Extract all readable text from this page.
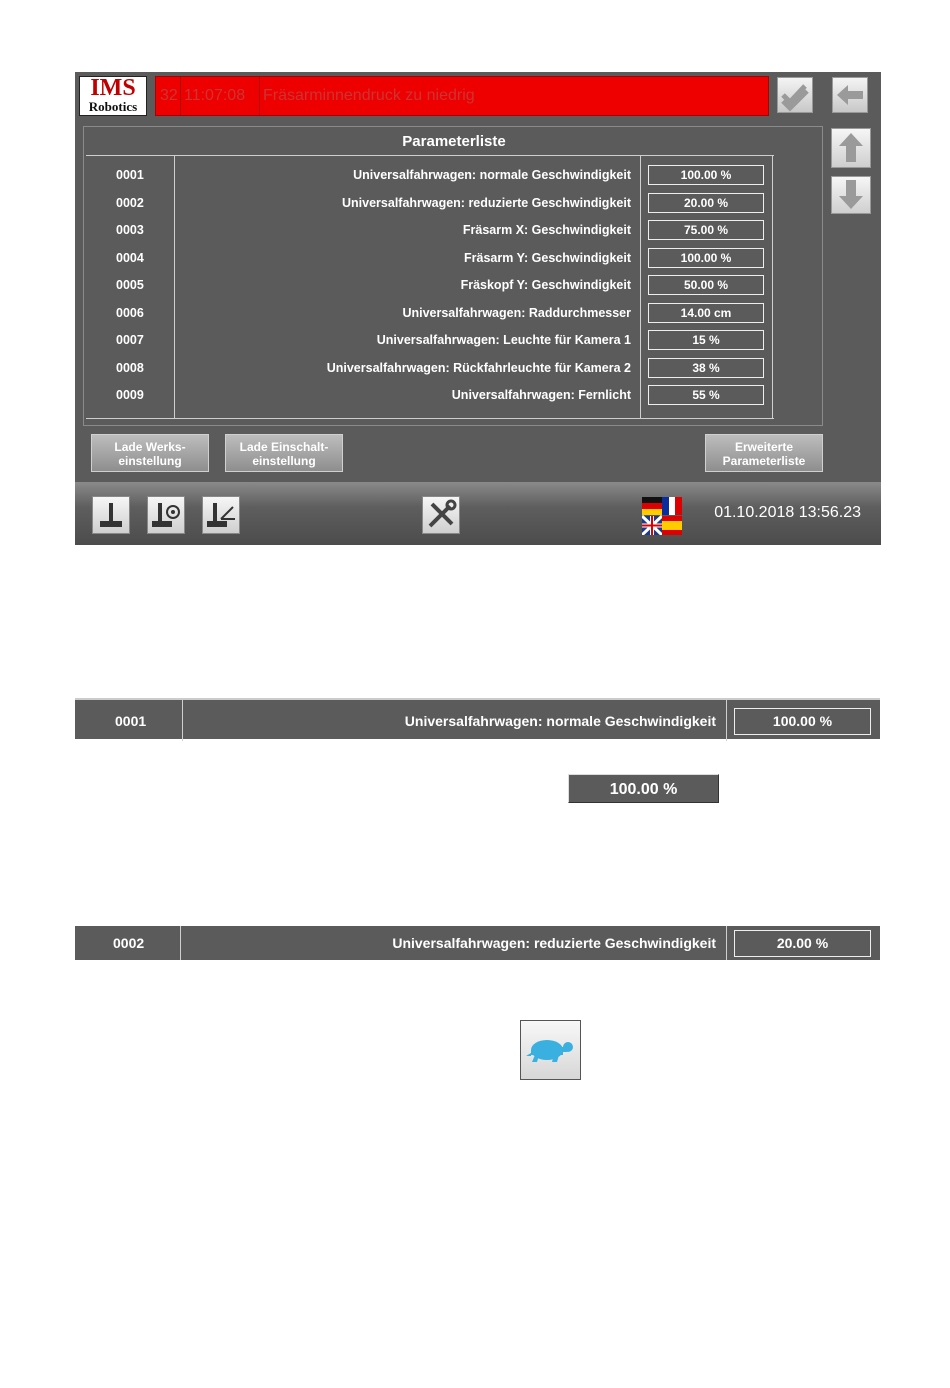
IMS
Robotics
32 11:07:08 Fräsarminnendruck zu niedrig
Parameterliste
0001	Universalfahrwagen: normale Geschwindigkeit	100.00 %
0002	Universalfahrwagen: reduzierte Geschwindigkeit	20.00 %
0003	Fräsarm X: Geschwindigkeit	75.00 %
0004	Fräsarm Y: Geschwindigkeit	100.00 %
0005	Fräskopf Y: Geschwindigkeit	50.00 %
0006	Universalfahrwagen: Raddurchmesser	14.00 cm
0007	Universalfahrwagen: Leuchte für Kamera 1	15 %
0008	Universalfahrwagen: Rückfahrleuchte für Kamera 2	38 %
0009	Universalfahrwagen: Fernlicht	55 %
Lade Werks-
einstellung
Lade Einschalt-
einstellung
Erweiterte
Parameterliste
01.10.2018 13:56.23
0001	Universalfahrwagen: normale Geschwindigkeit	100.00 %
100.00 %
0002	Universalfahrwagen: reduzierte Geschwindigkeit	20.00 %
